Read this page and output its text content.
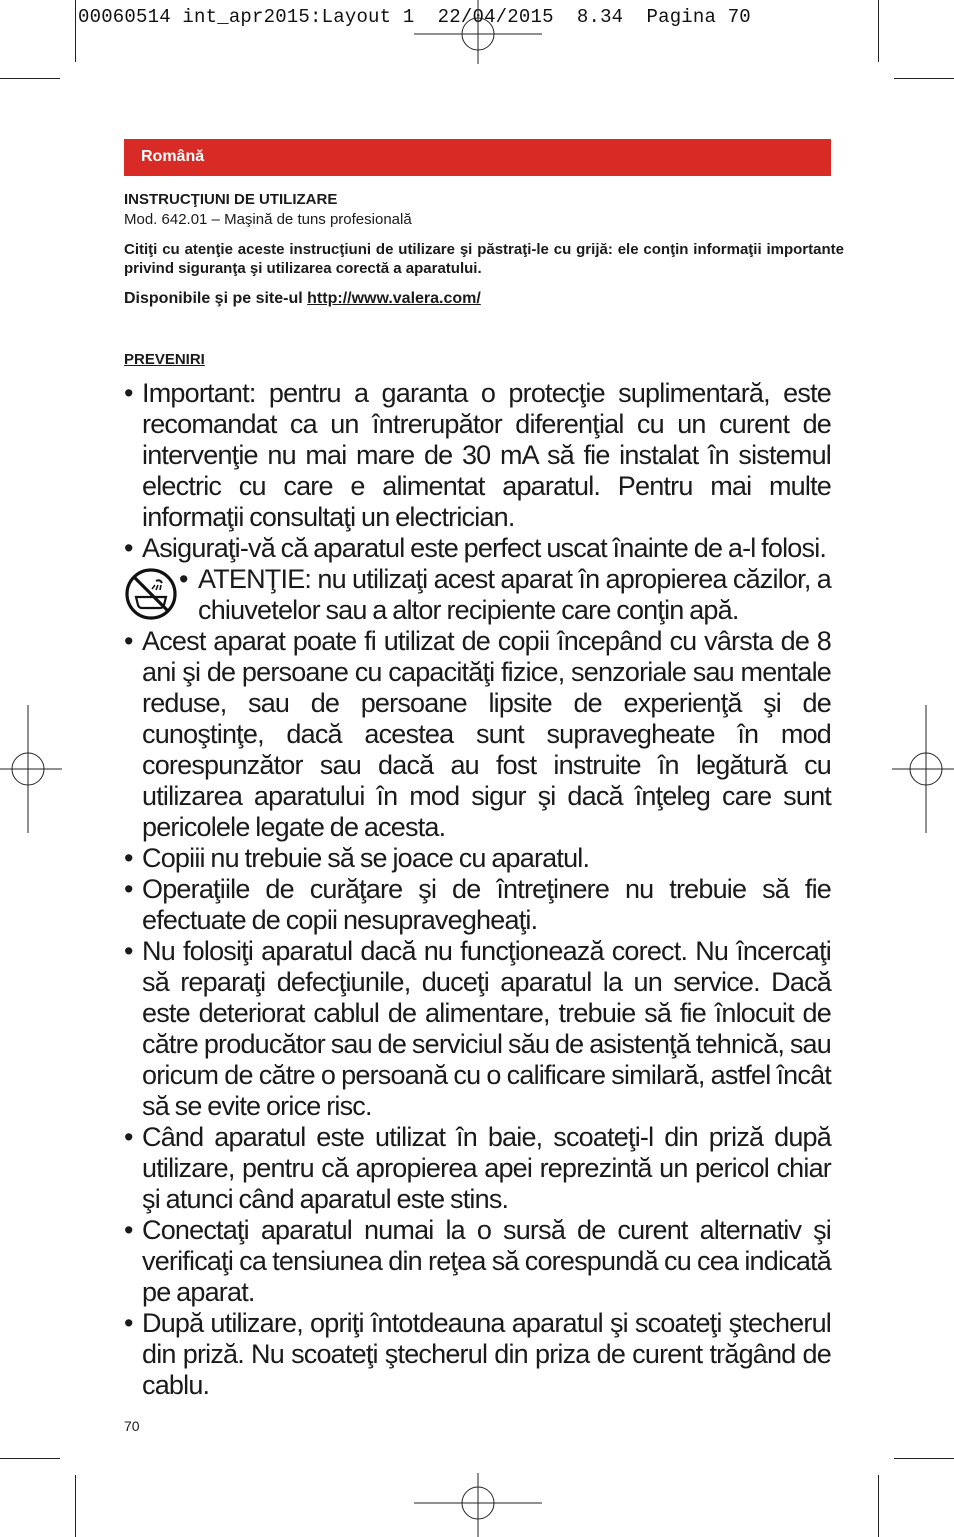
00060514 int_apr2015:Layout 1  22/04/2015  8.34  Pagina 70
Română
INSTRUCŢIUNI DE UTILIZARE
Mod. 642.01 – Maşină de tuns profesională
Citiţi cu atenţie aceste instrucţiuni de utilizare şi păstraţi-le cu grijă: ele conţin informaţii importante privind siguranţa şi utilizarea corectă a aparatului.
Disponibile şi pe site-ul http://www.valera.com/
PREVENIRI
• Important: pentru a garanta o protecţie suplimentară, este recomandat ca un întrerupător diferenţial cu un curent de intervenţie nu mai mare de 30 mA să fie instalat în sistemul electric cu care e alimentat aparatul. Pentru mai multe informaţii consultaţi un electrician.
• Asiguraţi-vă că aparatul este perfect uscat înainte de a-l folosi.
• ATENŢIE: nu utilizaţi acest aparat în apropierea căzilor, a chiuvetelor sau a altor recipiente care conţin apă.
• Acest aparat poate fi utilizat de copii începând cu vârsta de 8 ani şi de persoane cu capacităţi fizice, senzoriale sau mentale reduse, sau de persoane lipsite de experienţă şi de cunoştinţe, dacă acestea sunt supravegheate în mod corespunzător sau dacă au fost instruite în legătură cu utilizarea aparatului în mod sigur şi dacă înţeleg care sunt pericolele legate de acesta.
• Copiii nu trebuie să se joace cu aparatul.
• Operaţiile de curăţare şi de întreţinere nu trebuie să fie efectuate de copii nesupravegheaţi.
• Nu folosiţi aparatul dacă nu funcţionează corect. Nu încercaţi să reparaţi defecţiunile, duceţi aparatul la un service. Dacă este deteriorat cablul de alimentare, trebuie să fie înlocuit de către producător sau de serviciul său de asistenţă tehnică, sau oricum de către o persoană cu o calificare similară, astfel încât să se evite orice risc.
• Când aparatul este utilizat în baie, scoateţi-l din priză după utilizare, pentru că apropierea apei reprezintă un pericol chiar şi atunci când aparatul este stins.
• Conectaţi aparatul numai la o sursă de curent alternativ şi verificaţi ca tensiunea din reţea să corespundă cu cea indicată pe aparat.
• După utilizare, opriţi întotdeauna aparatul şi scoateţi ştecherul din priză. Nu scoateţi ştecherul din priza de curent trăgând de cablu.
70
